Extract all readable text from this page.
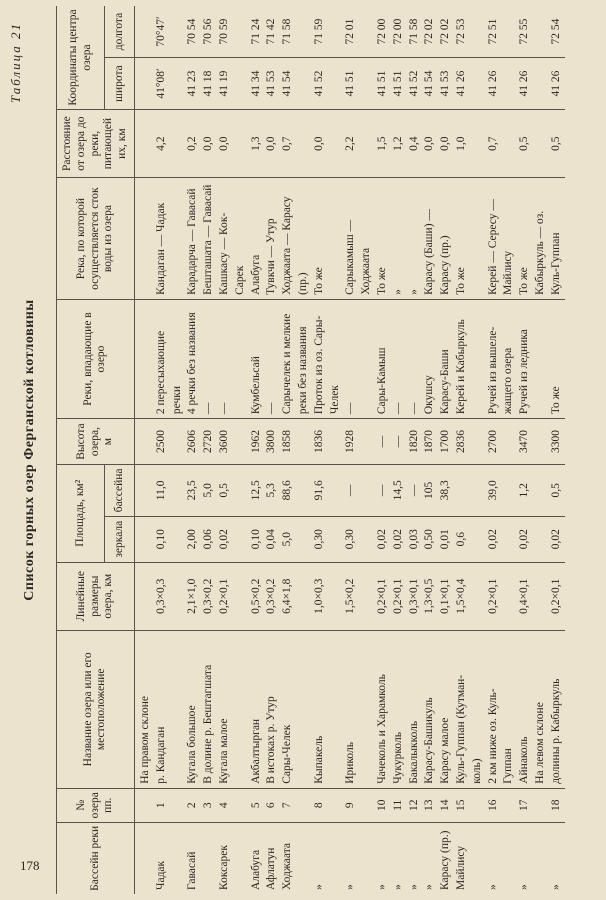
178
Таблица 21
Список горных озер Ферганской котловины
Бассейн реки	№ озера пп.	Название озера или его местоположение	Линейные размеры озера, км	Площадь, км²		Высота озера, м	Реки, впадающие в озеро	Река, по которой осуществляется сток воды из озера	Расстояние от озера до реки, питающей их, км	Координаты центра озера	
				зеркала	бассейна					широта	долгота
		На правом склоне									
Чадак	1	р. Кандаган	0,3×0,3	0,10	11,0	2500	2 пересыхающие	Кандаган — Чадак	4,2	41°08′	70°47′
							речки				
Гавасай	2	Кугала большое	2,1×1,0	2,00	23,5	2606	4 речки без названия	Карадарча — Гавасай	0,2	41 23	70 54
	3	В долине р. Бештагшата	0,3×0,2	0,06	5,0	2720	—	Бешташата — Гавасай	0,0	41 18	70 56
Коксарек	4	Кугала малое	0,2×0,1	0,02	0,5	3600	—	Кашкасу — Кок-	0,0	41 19	70 59
								Сарек			
Алабуга	5	Акбалтырган	0,5×0,2	0,10	12,5	1962	Кумбельсай	Алабуга	1,3	41 34	71 24
Афлатун	6	В истоках р. Утур	0,3×0,2	0,04	5,3	3800	—	Тувкчи — Утур	0,0	41 53	71 42
Ходжаата	7	Сары-Челек	6,4×1,8	5,0	88,6	1858	Сарычелек и мелкие	Ходжаата — Карасу	0,7	41 54	71 58
							реки без названия	(пр.)			
»	8	Кыпакель	1,0×0,3	0,30	91,6	1836	Проток из оз. Сары-	То же	0,0	41 52	71 59
							Челек				
»	9	Ириколь	1,5×0,2	0,30	—	1928	—	Сарыкамыш —	2,2	41 51	72 01
								Ходжаата			
»	10	Чачеколь и Харамколь	0,2×0,1	0,02	—	—	Сары-Камыш	То же	1,5	41 51	72 00
»	11	Чукурколь	0,2×0,1	0,02	14,5	—	—	»	1,2	41 51	72 00
»	12	Бакалыкколь	0,3×0,1	0,03	—	1820	—	»	0,4	41 52	71 58
»	13	Карасу-Башикуль	1,3×0,5	0,50	105	1870	Окушсу	Карасу (Баши) —	0,0	41 54	72 02
Карасу (пр.)	14	Карасу малое	0,1×0,1	0,01	38,3	1700	Карасу-Баши	Карасу (пр.)	0,0	41 53	72 02
Майлису	15	Куль-Гуппан (Кутман-	1,5×0,4	0,6		2836	Керей и Кабыркуль	То же	1,0	41 26	72 53
		коль)									
»	16	2 км ниже оз. Куль-	0,2×0,1	0,02	39,0	2700	Ручей из вышеле-	Керей — Сересу —	0,7	41 26	72 51
		Гуппан					жащего озера	Майлису			
»	17	Айнаколь	0,4×0,1	0,02	1,2	3470	Ручей из ледника	То же	0,5	41 26	72 55
		На левом склоне						Кабыркуль — оз.			
»	18	долины р. Кабыркуль	0,2×0,1	0,02	0,5	3300	То же	Куль-Гуппан	0,5	41 26	72 54
